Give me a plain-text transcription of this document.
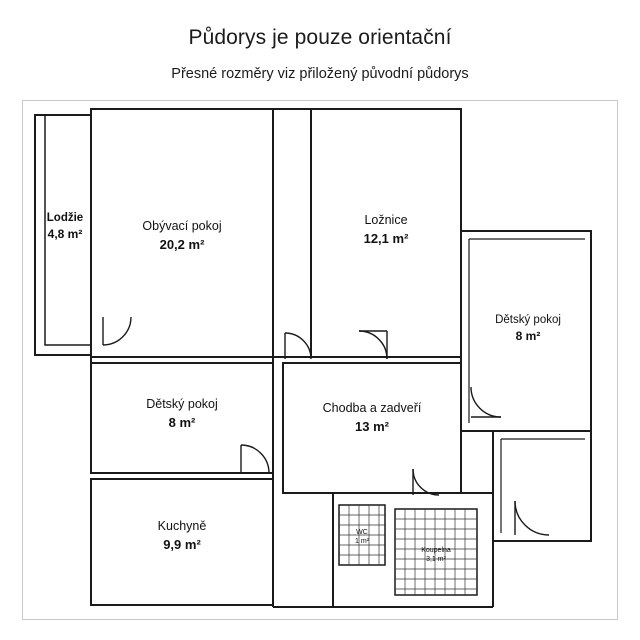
Půdorys je pouze orientační
Přesné rozměry viz přiložený původní půdorys
Lodžie
4,8 m²
Obývací pokoj
20,2 m²
Ložnice
12,1 m²
Dětský pokoj
8 m²
Dětský pokoj
8 m²
Chodba a zadveří
13 m²
Kuchyně
9,9 m²
WC
1 m²
Koupelna
3,1 m²
